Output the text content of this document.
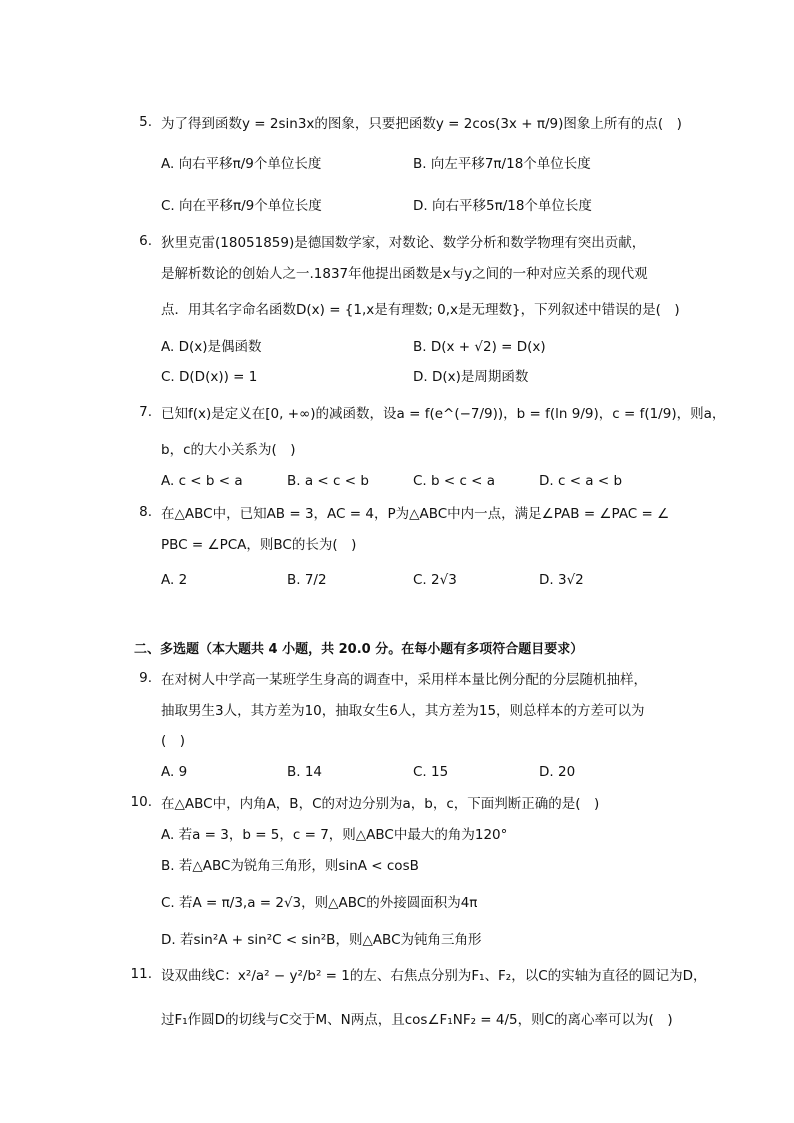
5. 为了得到函数y = 2sin3x的图象，只要把函数y = 2cos(3x + π/9)图象上所有的点(　)
A. 向右平移π/9个单位长度	B. 向左平移7π/18个单位长度
C. 向在平移π/9个单位长度	D. 向右平移5π/18个单位长度
6. 狄里克雷(18051859)是德国数学家，对数论、数学分析和数学物理有突出贡献，
是解析数论的创始人之一.1837年他提出函数是x与y之间的一种对应关系的现代观
点．用其名字命名函数D(x) = {1,x是有理数; 0,x是无理数}，下列叙述中错误的是(　)
A. D(x)是偶函数	B. D(x + √2) = D(x)
C. D(D(x)) = 1	D. D(x)是周期函数
7. 已知f(x)是定义在[0, +∞)的减函数，设a = f(e^(−7/9))，b = f(ln 9/9)，c = f(1/9)，则a，
b，c的大小关系为(　)
A. c < b < a	B. a < c < b	C. b < c < a	D. c < a < b
8. 在△ABC中，已知AB = 3，AC = 4，P为△ABC中内一点，满足∠PAB = ∠PAC = ∠
PBC = ∠PCA，则BC的长为(　)
A. 2	B. 7/2	C. 2√3	D. 3√2
二、多选题（本大题共 4 小题，共 20.0 分。在每小题有多项符合题目要求）
9. 在对树人中学高一某班学生身高的调查中，采用样本量比例分配的分层随机抽样，
抽取男生3人，其方差为10，抽取女生6人，其方差为15，则总样本的方差可以为
(　)
A. 9	B. 14	C. 15	D. 20
10. 在△ABC中，内角A，B，C的对边分别为a，b，c，下面判断正确的是(　)
A. 若a = 3，b = 5，c = 7，则△ABC中最大的角为120°
B. 若△ABC为锐角三角形，则sinA < cosB
C. 若A = π/3,a = 2√3，则△ABC的外接圆面积为4π
D. 若sin²A + sin²C < sin²B，则△ABC为钝角三角形
11. 设双曲线C：x²/a² − y²/b² = 1的左、右焦点分别为F₁、F₂，以C的实轴为直径的圆记为D，
过F₁作圆D的切线与C交于M、N两点，且cos∠F₁NF₂ = 4/5，则C的离心率可以为(　)
